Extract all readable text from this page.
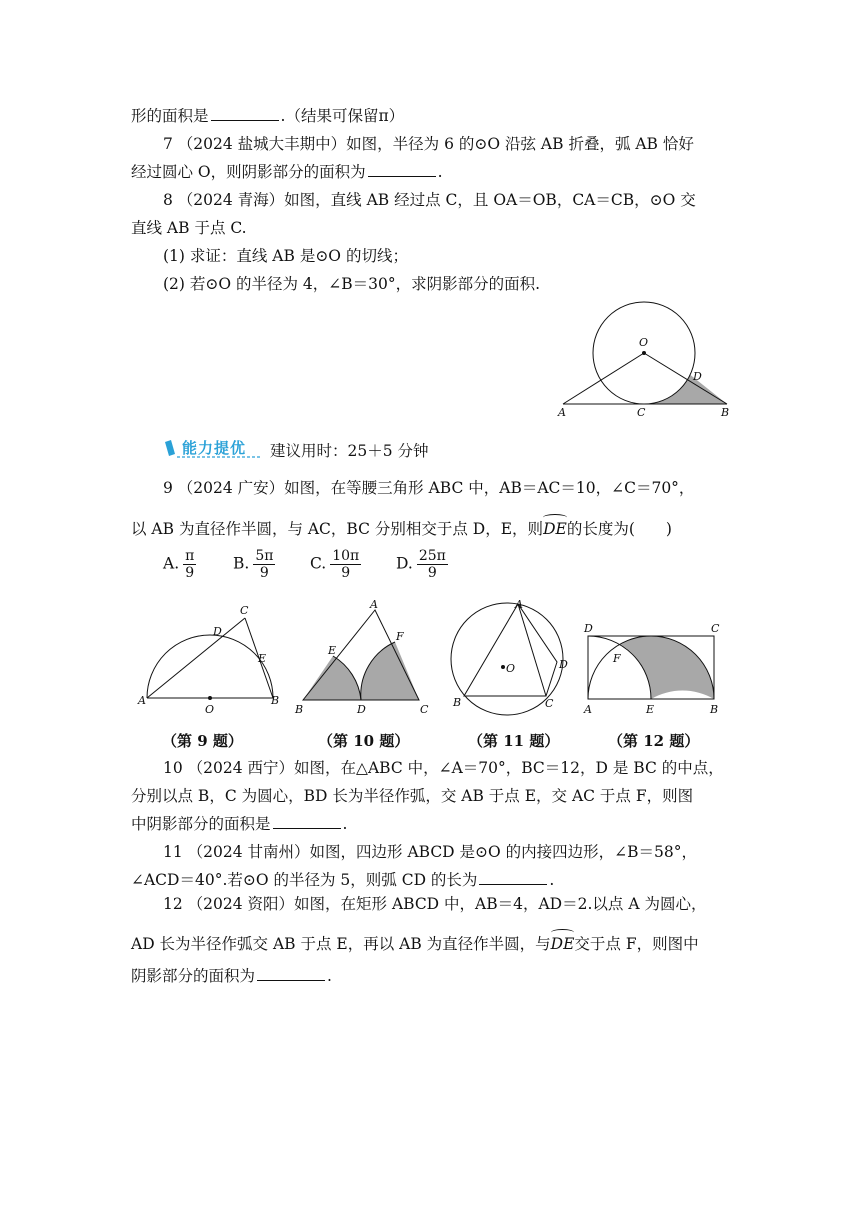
形的面积是	.（结果可保留π）
7 （2024 盐城大丰期中）如图，半径为 6 的⊙O 沿弦 AB 折叠，弧 AB 恰好
经过圆心 O，则阴影部分的面积为	.
8 （2024 青海）如图，直线 AB 经过点 C，且 OA＝OB，CA＝CB，⊙O 交
直线 AB 于点 C.
(1) 求证：直线 AB 是⊙O 的切线；
(2) 若⊙O 的半径为 4，∠B＝30°，求阴影部分的面积.
O
D
A	C	B
能力提优 建议用时：25＋5 分钟
9 （2024 广安）如图，在等腰三角形 ABC 中，AB＝AC＝10，∠C＝70°，
以 AB 为直径作半圆，与 AC，BC 分别相交于点 D，E，则DE的长度为(　　)
A. $\frac{\pi}{9} B$. $\frac{5\pi}{9} C$. $\frac{10\pi}{9} D$. $\frac{25\pi}{9}$
C
D
E
A
O
B
A
E
F
B	D	C
A
O	D
B	C
D	C
F
A	E	B
（第 9 题）	（第 10 题）	（第 11 题）	（第 12 题）
10 （2024 西宁）如图，在△ABC 中，∠A＝70°，BC＝12，D 是 BC 的中点，
分别以点 B，C 为圆心，BD 长为半径作弧，交 AB 于点 E，交 AC 于点 F，则图
中阴影部分的面积是	.
11 （2024 甘南州）如图，四边形 ABCD 是⊙O 的内接四边形，∠B＝58°，
∠ACD＝40°.若⊙O 的半径为 5，则弧 CD 的长为	.
12 （2024 资阳）如图，在矩形 ABCD 中，AB＝4，AD＝2.以点 A 为圆心，
AD 长为半径作弧交 AB 于点 E，再以 AB 为直径作半圆，与DE交于点 F，则图中
阴影部分的面积为	.
